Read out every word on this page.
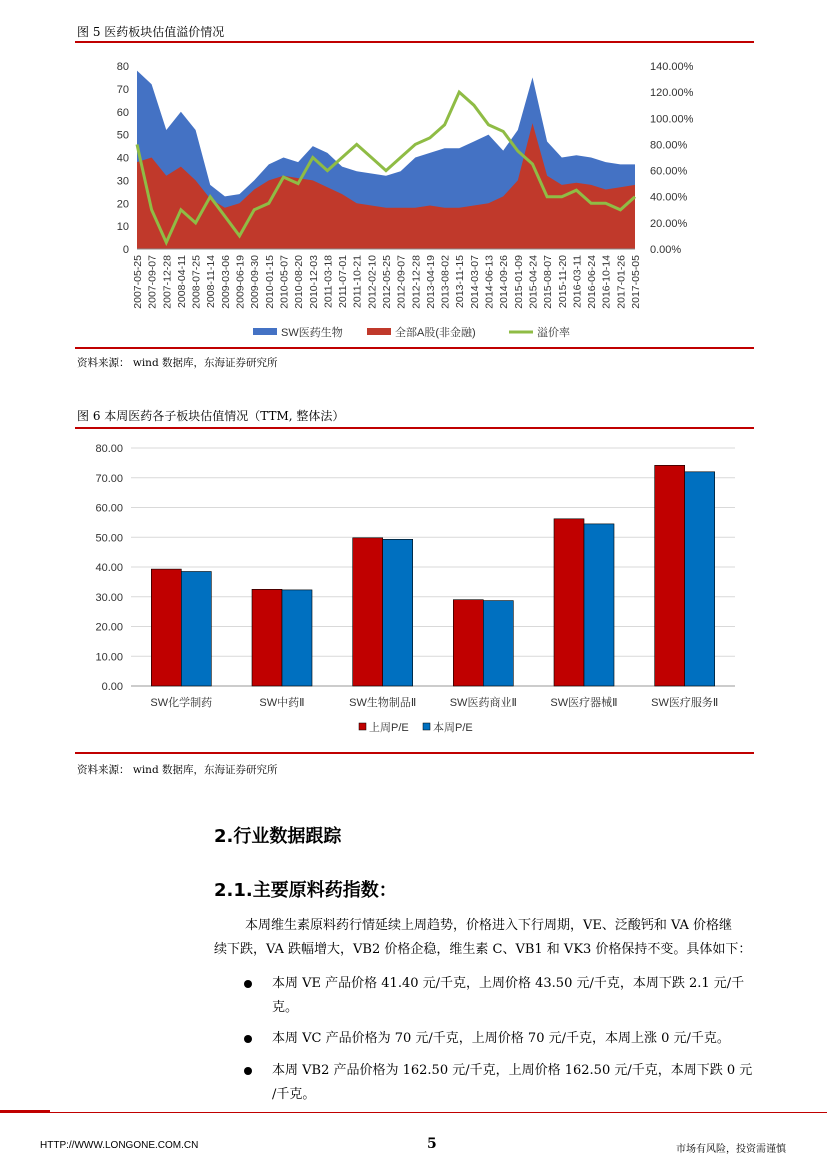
图 5 医药板块估值溢价情况
0
10
20
30
40
50
60
70
80
0.00%
20.00%
40.00%
60.00%
80.00%
100.00%
120.00%
140.00%
2007-05-25 2007-09-07 2007-12-28 2008-04-11 2008-07-25 2008-11-14 2009-03-06 2009-06-19 2009-09-30 2010-01-15 2010-05-07 2010-08-20 2010-12-03 2011-03-18 2011-07-01 2011-10-21 2012-02-10 2012-05-25 2012-09-07 2012-12-28 2013-04-19 2013-08-02 2013-11-15 2014-03-07 2014-06-13 2014-09-26 2015-01-09 2015-04-24 2015-08-07 2015-11-20 2016-03-11 2016-06-24 2016-10-14 2017-01-26 2017-05-05
SW医药生物	全部A股(非金融)	溢价率
资料来源： wind 数据库，东海证券研究所
图 6 本周医药各子板块估值情况（TTM, 整体法）
0.00
10.00
20.00
30.00
40.00
50.00
60.00
70.00
80.00
SW化学制药	SW中药Ⅱ	SW生物制品Ⅱ	SW医药商业Ⅱ	SW医疗器械Ⅱ	SW医疗服务Ⅱ
上周P/E 本周P/E
资料来源： wind 数据库，东海证券研究所
2.行业数据跟踪
2.1.主要原料药指数：
本周维生素原料药行情延续上周趋势，价格进入下行周期，VE、泛酸钙和 VA 价格继
续下跌，VA 跌幅增大，VB2 价格企稳，维生素 C、VB1 和 VK3 价格保持不变。具体如下：
本周 VE 产品价格 41.40 元/千克，上周价格 43.50 元/千克，本周下跌 2.1 元/千
克。
本周 VC 产品价格为 70 元/千克，上周价格 70 元/千克，本周上涨 0 元/千克。
本周 VB2 产品价格为 162.50 元/千克，上周价格 162.50 元/千克，本周下跌 0 元
/千克。
HTTP://WWW.LONGONE.COM.CN	5	市场有风险，投资需谨慎
